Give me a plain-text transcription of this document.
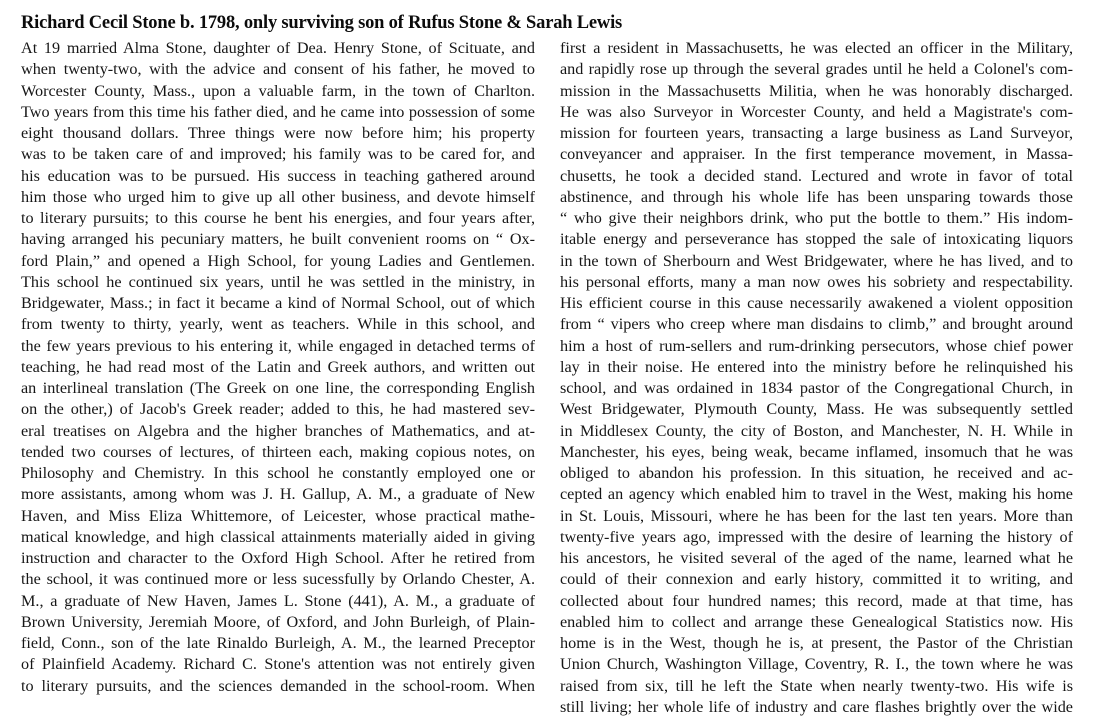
Richard Cecil Stone b. 1798, only surviving son of Rufus Stone & Sarah Lewis
At 19 married Alma Stone, daughter of Dea. Henry Stone, of Scituate, and
when twenty-two, with the advice and consent of his father, he moved to
Worcester County, Mass., upon a valuable farm, in the town of Charlton.
Two years from this time his father died, and he came into possession of some
eight thousand dollars. Three things were now before him; his property
was to be taken care of and improved; his family was to be cared for, and
his education was to be pursued. His success in teaching gathered around
him those who urged him to give up all other business, and devote himself
to literary pursuits; to this course he bent his energies, and four years after,
having arranged his pecuniary matters, he built convenient rooms on “ Ox-
ford Plain,” and opened a High School, for young Ladies and Gentlemen.
This school he continued six years, until he was settled in the ministry, in
Bridgewater, Mass.; in fact it became a kind of Normal School, out of which
from twenty to thirty, yearly, went as teachers. While in this school, and
the few years previous to his entering it, while engaged in detached terms of
teaching, he had read most of the Latin and Greek authors, and written out
an interlineal translation (The Greek on one line, the corresponding English
on the other,) of Jacob's Greek reader; added to this, he had mastered sev-
eral treatises on Algebra and the higher branches of Mathematics, and at-
tended two courses of lectures, of thirteen each, making copious notes, on
Philosophy and Chemistry. In this school he constantly employed one or
more assistants, among whom was J. H. Gallup, A. M., a graduate of New
Haven, and Miss Eliza Whittemore, of Leicester, whose practical mathe-
matical knowledge, and high classical attainments materially aided in giving
instruction and character to the Oxford High School. After he retired from
the school, it was continued more or less sucessfully by Orlando Chester, A.
M., a graduate of New Haven, James L. Stone (441), A. M., a graduate of
Brown University, Jeremiah Moore, of Oxford, and John Burleigh, of Plain-
field, Conn., son of the late Rinaldo Burleigh, A. M., the learned Preceptor
of Plainfield Academy. Richard C. Stone's attention was not entirely given
to literary pursuits, and the sciences demanded in the school-room. When
first a resident in Massachusetts, he was elected an officer in the Military,
and rapidly rose up through the several grades until he held a Colonel's com-
mission in the Massachusetts Militia, when he was honorably discharged.
He was also Surveyor in Worcester County, and held a Magistrate's com-
mission for fourteen years, transacting a large business as Land Surveyor,
conveyancer and appraiser. In the first temperance movement, in Massa-
chusetts, he took a decided stand. Lectured and wrote in favor of total
abstinence, and through his whole life has been unsparing towards those
“ who give their neighbors drink, who put the bottle to them.” His indom-
itable energy and perseverance has stopped the sale of intoxicating liquors
in the town of Sherbourn and West Bridgewater, where he has lived, and to
his personal efforts, many a man now owes his sobriety and respectability.
His efficient course in this cause necessarily awakened a violent opposition
from “ vipers who creep where man disdains to climb,” and brought around
him a host of rum-sellers and rum-drinking persecutors, whose chief power
lay in their noise. He entered into the ministry before he relinquished his
school, and was ordained in 1834 pastor of the Congregational Church, in
West Bridgewater, Plymouth County, Mass. He was subsequently settled
in Middlesex County, the city of Boston, and Manchester, N. H. While in
Manchester, his eyes, being weak, became inflamed, insomuch that he was
obliged to abandon his profession. In this situation, he received and ac-
cepted an agency which enabled him to travel in the West, making his home
in St. Louis, Missouri, where he has been for the last ten years. More than
twenty-five years ago, impressed with the desire of learning the history of
his ancestors, he visited several of the aged of the name, learned what he
could of their connexion and early history, committed it to writing, and
collected about four hundred names; this record, made at that time, has
enabled him to collect and arrange these Genealogical Statistics now. His
home is in the West, though he is, at present, the Pastor of the Christian
Union Church, Washington Village, Coventry, R. I., the town where he was
raised from six, till he left the State when nearly twenty-two. His wife is
still living; her whole life of industry and care flashes brightly over the wide
